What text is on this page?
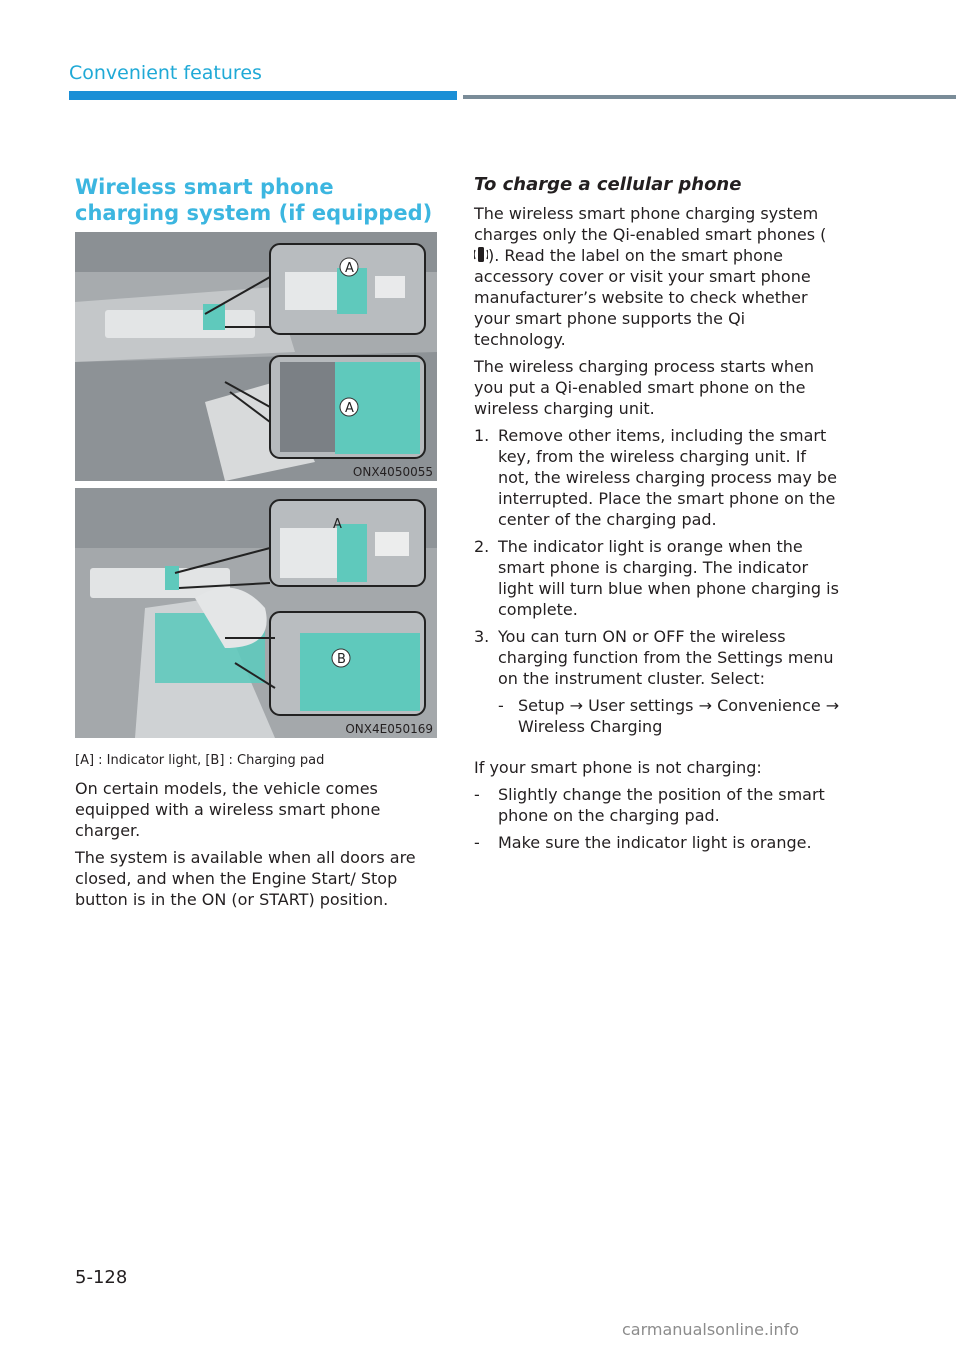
Convenient features
Wireless smart phone charging system (if equipped)
A
A
ONX4050055
A
B
ONX4E050169
[A] : Indicator light, [B] : Charging pad

On certain models, the vehicle comes equipped with a wireless smart phone charger.

The system is available when all doors are closed, and when the Engine Start/ Stop button is in the ON (or START) position.

To charge a cellular phone

The wireless smart phone charging system charges only the Qi-enabled smart phones (). Read the label on the smart phone accessory cover or visit your smart phone manufacturer’s website to check whether your smart phone supports the Qi technology.

The wireless charging process starts when you put a Qi-enabled smart phone on the wireless charging unit.

1. Remove other items, including the smart key, from the wireless charging unit. If not, the wireless charging process may be interrupted. Place the smart phone on the center of the charging pad.
2. The indicator light is orange when the smart phone is charging. The indicator light will turn blue when phone charging is complete.
3. You can turn ON or OFF the wireless charging function from the Settings menu on the instrument cluster. Select:
- Setup → User settings → Convenience → Wireless Charging

If your smart phone is not charging:

- Slightly change the position of the smart phone on the charging pad.
- Make sure the indicator light is orange.
5-128
carmanualsonline.info
